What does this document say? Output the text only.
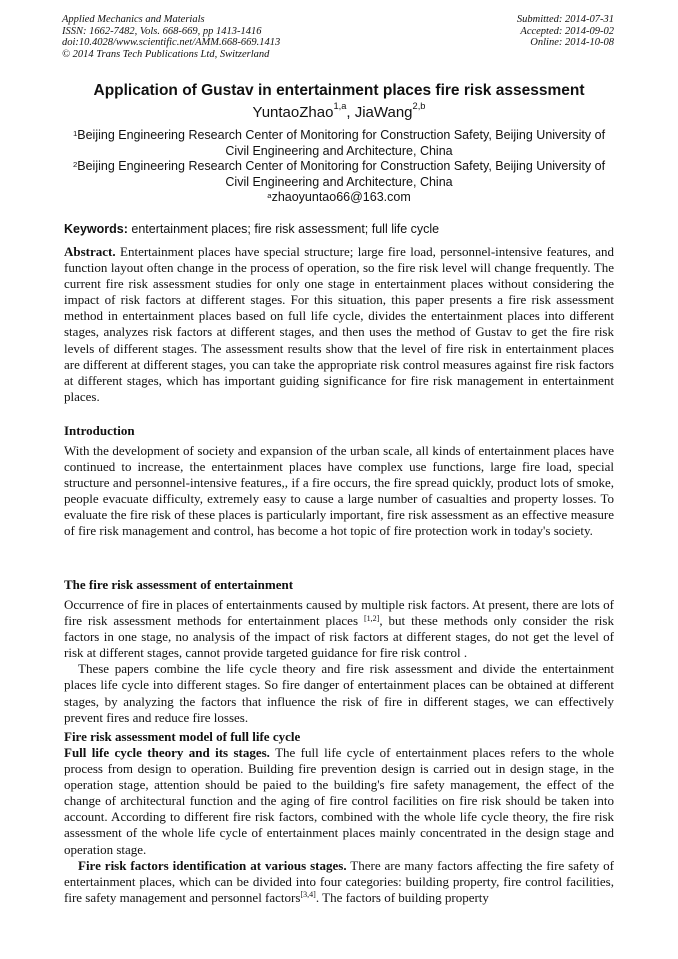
Applied Mechanics and Materials
ISSN: 1662-7482, Vols. 668-669, pp 1413-1416
doi:10.4028/www.scientific.net/AMM.668-669.1413
© 2014 Trans Tech Publications Ltd, Switzerland
Submitted: 2014-07-31
Accepted: 2014-09-02
Online: 2014-10-08
Application of Gustav in entertainment places fire risk assessment
YuntaoZhao$^{1,a}$, JiaWang$^{2,b}$
$^1$Beijing Engineering Research Center of Monitoring for Construction Safety, Beijing University of Civil Engineering and Architecture, China
$^2$Beijing Engineering Research Center of Monitoring for Construction Safety, Beijing University of Civil Engineering and Architecture, China
$^a$zhaoyuntao66@163.com
Keywords: entertainment places; fire risk assessment; full life cycle

Abstract. Entertainment places have special structure; large fire load, personnel-intensive features, and function layout often change in the process of operation, so the fire risk level will change frequently. The current fire risk assessment studies for only one stage in entertainment places without considering the impact of risk factors at different stages. For this situation, this paper presents a fire risk assessment method in entertainment places based on full life cycle, divides the entertainment places into different stages, analyzes risk factors at different stages, and then uses the method of Gustav to get the fire risk levels of different stages. The assessment results show that the level of fire risk in entertainment places are different at different stages, you can take the appropriate risk control measures against fire risk factors at different stages, which has important guiding significance for fire risk management in entertainment places.

Introduction

With the development of society and expansion of the urban scale, all kinds of entertainment places have continued to increase, the entertainment places have complex use functions, large fire load, special structure and personnel-intensive features,, if a fire occurs, the fire spread quickly, product lots of smoke, people evacuate difficulty, extremely easy to cause a large number of casualties and property losses. To evaluate the fire risk of these places is particularly important, fire risk assessment as an effective measure of fire risk management and control, has become a hot topic of fire protection work in today's society.

The fire risk assessment of entertainment

Occurrence of fire in places of entertainments caused by multiple risk factors. At present, there are lots of fire risk assessment methods for entertainment places [1,2], but these methods only consider the risk factors in one stage, no analysis of the impact of risk factors at different stages, do not get the level of risk at different stages, cannot provide targeted guidance for fire risk control .

These papers combine the life cycle theory and fire risk assessment and divide the entertainment places life cycle into different stages. So fire danger of entertainment places can be obtained at different stages, by analyzing the factors that influence the risk of fire in different stages, we can effectively prevent fires and reduce fire losses.

Fire risk assessment model of full life cycle

Full life cycle theory and its stages. The full life cycle of entertainment places refers to the whole process from design to operation. Building fire prevention design is carried out in design stage, in the operation stage, attention should be paied to the building's fire safety management, the effect of the change of architectural function and the aging of fire control facilities on fire risk should be taken into account. According to different fire risk factors, combined with the whole life cycle theory, the fire risk assessment of the whole life cycle of entertainment places mainly concentrated in the design stage and operation stage.

Fire risk factors identification at various stages. There are many factors affecting the fire safety of entertainment places, which can be divided into four categories: building property, fire control facilities, fire safety management and personnel factors[3,4]. The factors of building property
